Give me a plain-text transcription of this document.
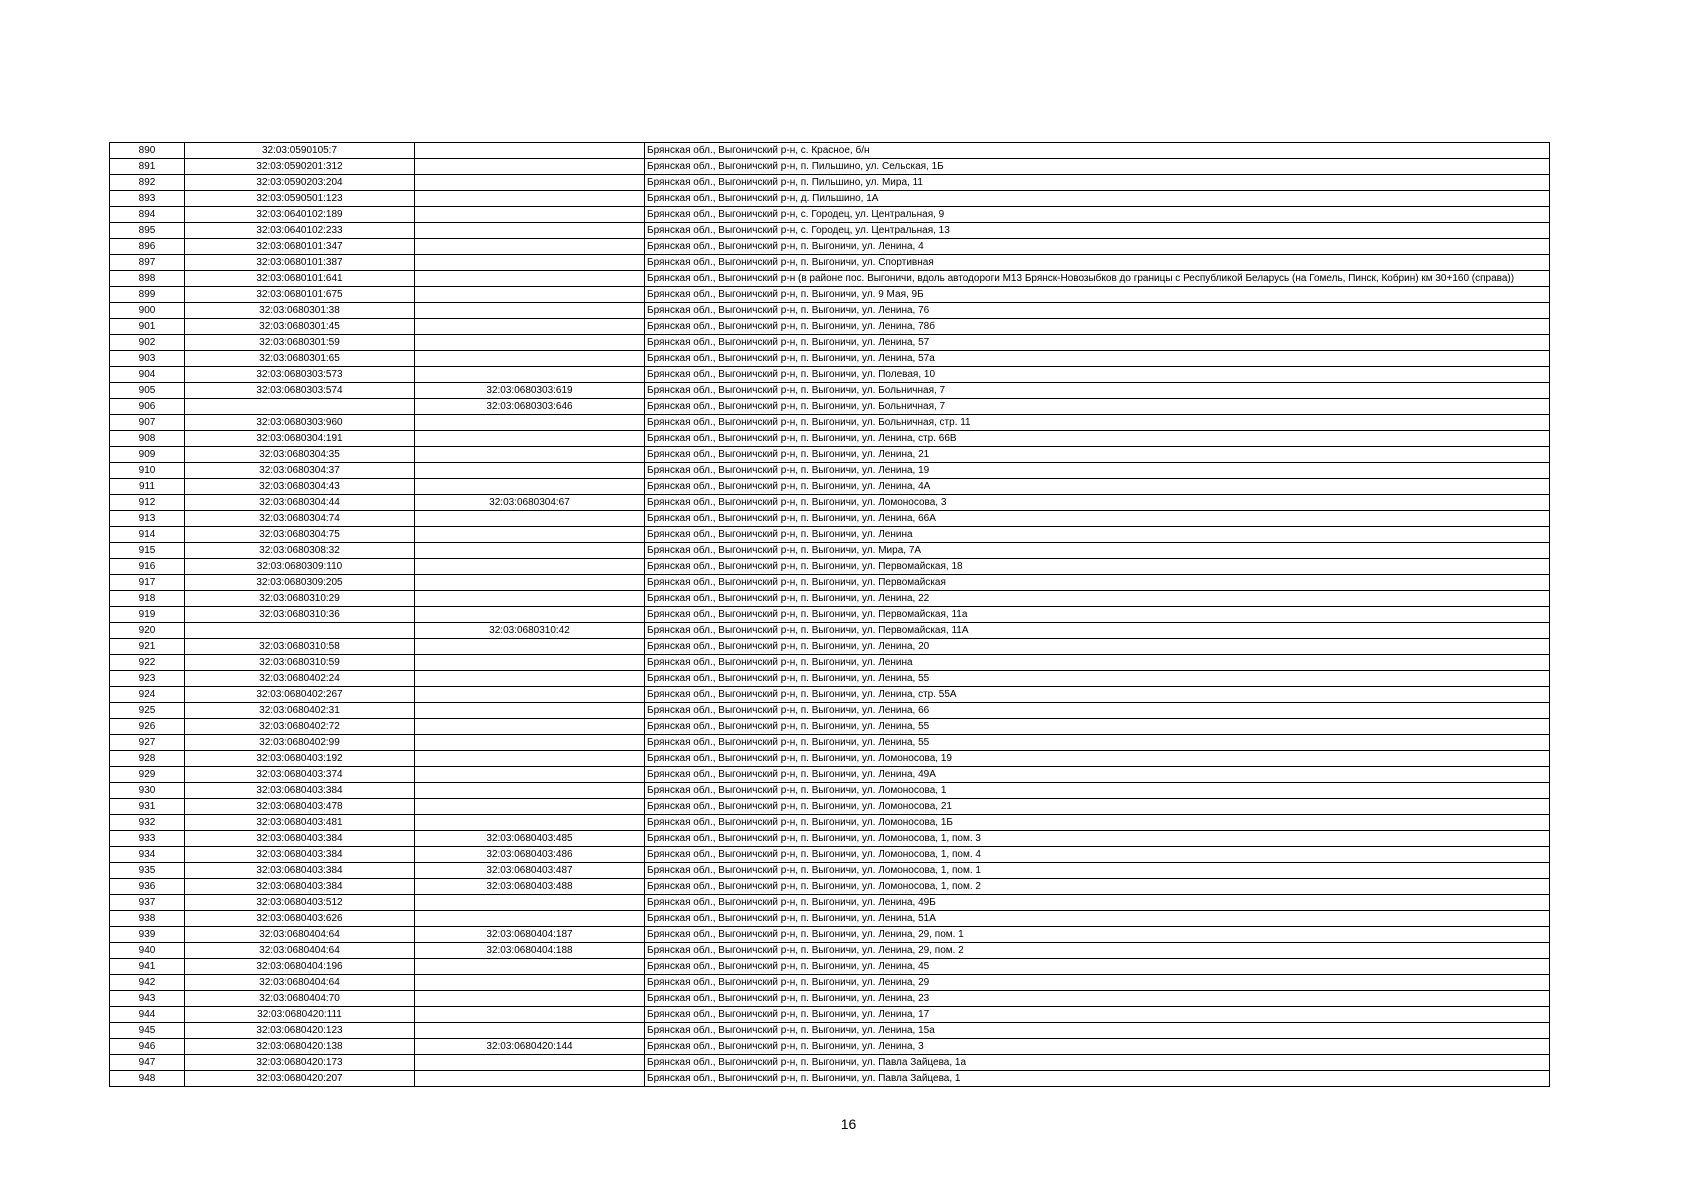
890	32:03:0590105:7		Брянская обл., Выгоничский р-н, с. Красное, б/н
891	32:03:0590201:312		Брянская обл., Выгоничский р-н, п. Пильшино, ул. Сельская, 1Б
892	32:03:0590203:204		Брянская обл., Выгоничский р-н, п. Пильшино, ул. Мира, 11
893	32:03:0590501:123		Брянская обл., Выгоничский р-н, д. Пильшино, 1А
894	32:03:0640102:189		Брянская обл., Выгоничский р-н, с. Городец, ул. Центральная, 9
895	32:03:0640102:233		Брянская обл., Выгоничский р-н, с. Городец, ул. Центральная, 13
896	32:03:0680101:347		Брянская обл., Выгоничский р-н, п. Выгоничи, ул. Ленина, 4
897	32:03:0680101:387		Брянская обл., Выгоничский р-н, п. Выгоничи, ул. Спортивная
898	32:03:0680101:641		Брянская обл., Выгоничский р-н (в районе пос. Выгоничи, вдоль автодороги М13 Брянск-Новозыбков до границы с Республикой Беларусь (на Гомель, Пинск, Кобрин) км 30+160 (справа))
899	32:03:0680101:675		Брянская обл., Выгоничский р-н, п. Выгоничи, ул. 9 Мая, 9Б
900	32:03:0680301:38		Брянская обл., Выгоничский р-н, п. Выгоничи, ул. Ленина, 76
901	32:03:0680301:45		Брянская обл., Выгоничский р-н, п. Выгоничи, ул. Ленина, 78б
902	32:03:0680301:59		Брянская обл., Выгоничский р-н, п. Выгоничи, ул. Ленина, 57
903	32:03:0680301:65		Брянская обл., Выгоничский р-н, п. Выгоничи, ул. Ленина, 57а
904	32:03:0680303:573		Брянская обл., Выгоничский р-н, п. Выгоничи, ул. Полевая, 10
905	32:03:0680303:574	32:03:0680303:619	Брянская обл., Выгоничский р-н, п. Выгоничи, ул. Больничная, 7
906		32:03:0680303:646	Брянская обл., Выгоничский р-н, п. Выгоничи, ул. Больничная, 7
907	32:03:0680303:960		Брянская обл., Выгоничский р-н, п. Выгоничи, ул. Больничная, стр. 11
908	32:03:0680304:191		Брянская обл., Выгоничский р-н, п. Выгоничи, ул. Ленина, стр. 66В
909	32:03:0680304:35		Брянская обл., Выгоничский р-н, п. Выгоничи, ул. Ленина, 21
910	32:03:0680304:37		Брянская обл., Выгоничский р-н, п. Выгоничи, ул. Ленина, 19
911	32:03:0680304:43		Брянская обл., Выгоничский р-н, п. Выгоничи, ул. Ленина, 4А
912	32:03:0680304:44	32:03:0680304:67	Брянская обл., Выгоничский р-н, п. Выгоничи, ул. Ломоносова, 3
913	32:03:0680304:74		Брянская обл., Выгоничский р-н, п. Выгоничи, ул. Ленина, 66А
914	32:03:0680304:75		Брянская обл., Выгоничский р-н, п. Выгоничи, ул. Ленина
915	32:03:0680308:32		Брянская обл., Выгоничский р-н, п. Выгоничи, ул. Мира, 7А
916	32:03:0680309:110		Брянская обл., Выгоничский р-н, п. Выгоничи, ул. Первомайская, 18
917	32:03:0680309:205		Брянская обл., Выгоничский р-н, п. Выгоничи, ул. Первомайская
918	32:03:0680310:29		Брянская обл., Выгоничский р-н, п. Выгоничи, ул. Ленина, 22
919	32:03:0680310:36		Брянская обл., Выгоничский р-н, п. Выгоничи, ул. Первомайская, 11а
920		32:03:0680310:42	Брянская обл., Выгоничский р-н, п. Выгоничи, ул. Первомайская, 11А
921	32:03:0680310:58		Брянская обл., Выгоничский р-н, п. Выгоничи, ул. Ленина, 20
922	32:03:0680310:59		Брянская обл., Выгоничский р-н, п. Выгоничи, ул. Ленина
923	32:03:0680402:24		Брянская обл., Выгоничский р-н, п. Выгоничи, ул. Ленина, 55
924	32:03:0680402:267		Брянская обл., Выгоничский р-н, п. Выгоничи, ул. Ленина, стр. 55А
925	32:03:0680402:31		Брянская обл., Выгоничский р-н, п. Выгоничи, ул. Ленина, 66
926	32:03:0680402:72		Брянская обл., Выгоничский р-н, п. Выгоничи, ул. Ленина, 55
927	32:03:0680402:99		Брянская обл., Выгоничский р-н, п. Выгоничи, ул. Ленина, 55
928	32:03:0680403:192		Брянская обл., Выгоничский р-н, п. Выгоничи, ул. Ломоносова, 19
929	32:03:0680403:374		Брянская обл., Выгоничский р-н, п. Выгоничи, ул. Ленина, 49А
930	32:03:0680403:384		Брянская обл., Выгоничский р-н, п. Выгоничи, ул. Ломоносова, 1
931	32:03:0680403:478		Брянская обл., Выгоничский р-н, п. Выгоничи, ул. Ломоносова, 21
932	32:03:0680403:481		Брянская обл., Выгоничский р-н, п. Выгоничи, ул. Ломоносова, 1Б
933	32:03:0680403:384	32:03:0680403:485	Брянская обл., Выгоничский р-н, п. Выгоничи, ул. Ломоносова, 1, пом. 3
934	32:03:0680403:384	32:03:0680403:486	Брянская обл., Выгоничский р-н, п. Выгоничи, ул. Ломоносова, 1, пом. 4
935	32:03:0680403:384	32:03:0680403:487	Брянская обл., Выгоничский р-н, п. Выгоничи, ул. Ломоносова, 1, пом. 1
936	32:03:0680403:384	32:03:0680403:488	Брянская обл., Выгоничский р-н, п. Выгоничи, ул. Ломоносова, 1, пом. 2
937	32:03:0680403:512		Брянская обл., Выгоничский р-н, п. Выгоничи, ул. Ленина, 49Б
938	32:03:0680403:626		Брянская обл., Выгоничский р-н, п. Выгоничи, ул. Ленина, 51А
939	32:03:0680404:64	32:03:0680404:187	Брянская обл., Выгоничский р-н, п. Выгоничи, ул. Ленина, 29, пом. 1
940	32:03:0680404:64	32:03:0680404:188	Брянская обл., Выгоничский р-н, п. Выгоничи, ул. Ленина, 29, пом. 2
941	32:03:0680404:196		Брянская обл., Выгоничский р-н, п. Выгоничи, ул. Ленина, 45
942	32:03:0680404:64		Брянская обл., Выгоничский р-н, п. Выгоничи, ул. Ленина, 29
943	32:03:0680404:70		Брянская обл., Выгоничский р-н, п. Выгоничи, ул. Ленина, 23
944	32:03:0680420:111		Брянская обл., Выгоничский р-н, п. Выгоничи, ул. Ленина, 17
945	32:03:0680420:123		Брянская обл., Выгоничский р-н, п. Выгоничи, ул. Ленина, 15а
946	32:03:0680420:138	32:03:0680420:144	Брянская обл., Выгоничский р-н, п. Выгоничи, ул. Ленина, 3
947	32:03:0680420:173		Брянская обл., Выгоничский р-н, п. Выгоничи, ул. Павла Зайцева, 1а
948	32:03:0680420:207		Брянская обл., Выгоничский р-н, п. Выгоничи, ул. Павла Зайцева, 1
16
